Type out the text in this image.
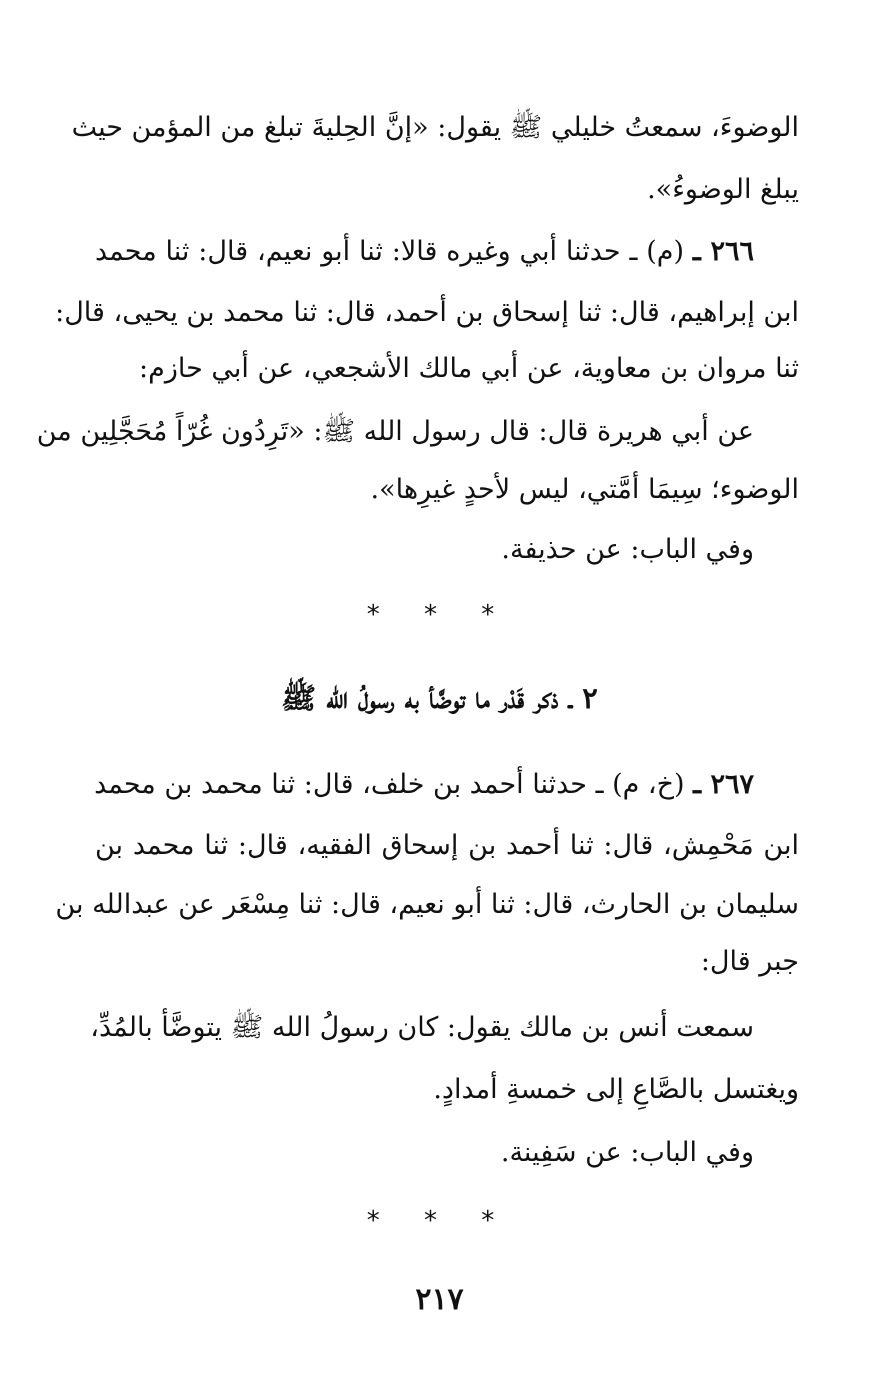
الوضوءَ، سمعتُ خليلي ﷺ يقول: «إنَّ الحِليةَ تبلغ من المؤمن حيث
يبلغ الوضوءُ».
٢٦٦ ـ (م) ـ حدثنا أبي وغيره قالا: ثنا أبو نعيم، قال: ثنا محمد
ابن إبراهيم، قال: ثنا إسحاق بن أحمد، قال: ثنا محمد بن يحيى، قال:
ثنا مروان بن معاوية، عن أبي مالك الأشجعي، عن أبي حازم:
عن أبي هريرة قال: قال رسول الله ﷺ: «تَرِدُون غُرّاً مُحَجَّلِين من
الوضوء؛ سِيمَا أمَّتي، ليس لأحدٍ غيرِها».
وفي الباب: عن حذيفة.
* * *
٢ ـ ذكر قَدْر ما توضَّأ به رسولُ الله ﷺ
٢٦٧ ـ (خ، م) ـ حدثنا أحمد بن خلف، قال: ثنا محمد بن محمد
ابن مَحْمِش، قال: ثنا أحمد بن إسحاق الفقيه، قال: ثنا محمد بن
سليمان بن الحارث، قال: ثنا أبو نعيم، قال: ثنا مِسْعَر عن عبدالله بن
جبر قال:
سمعت أنس بن مالك يقول: كان رسولُ الله ﷺ يتوضَّأ بالمُدِّ،
ويغتسل بالصَّاعِ إلى خمسةِ أمدادٍ.
وفي الباب: عن سَفِينة.
* * *
٢١٧
